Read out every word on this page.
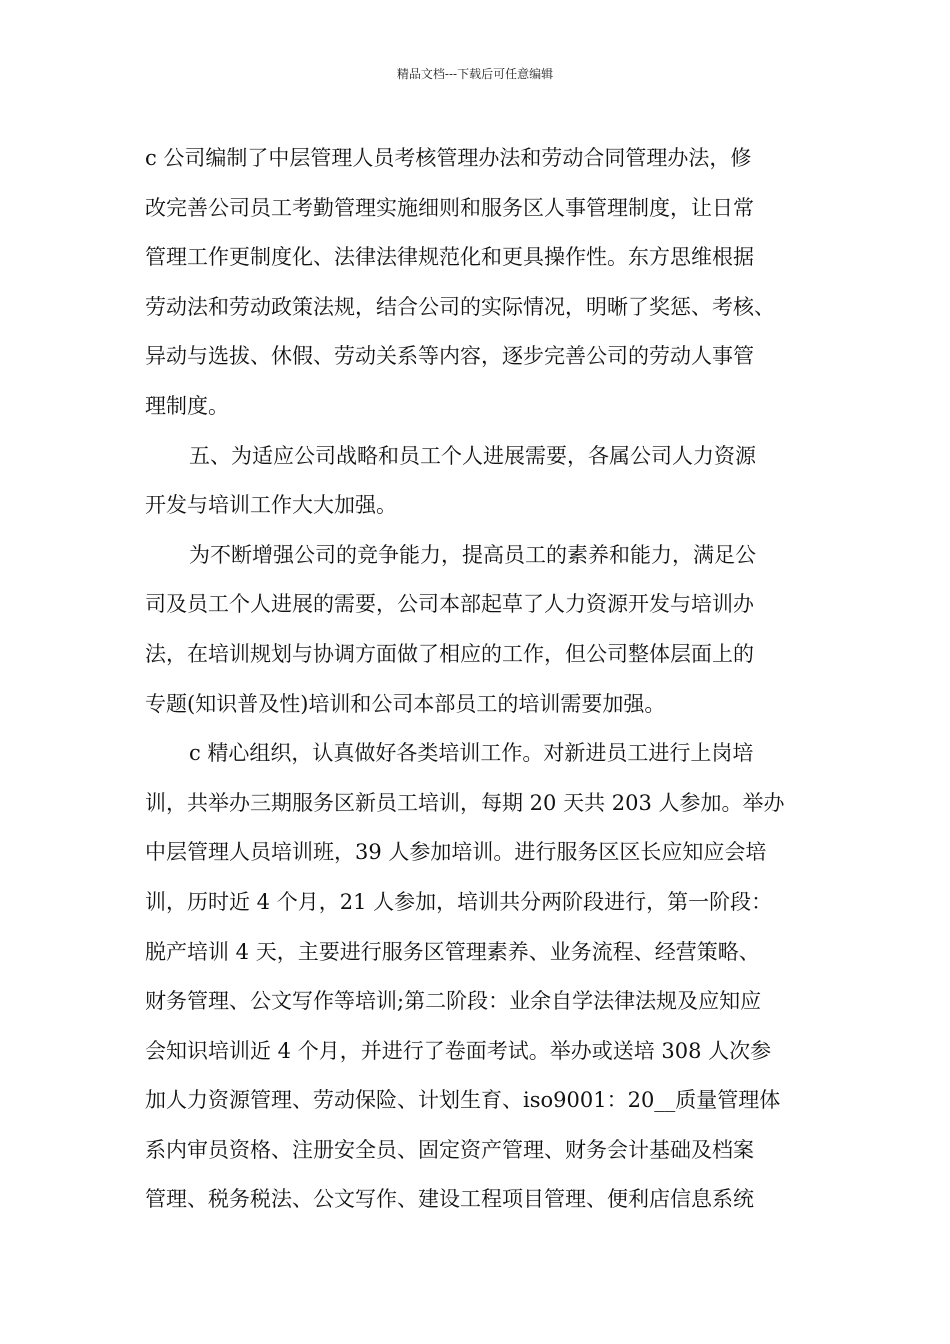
精品文档---下载后可任意编辑

c 公司编制了中层管理人员考核管理办法和劳动合同管理办法，修
改完善公司员工考勤管理实施细则和服务区人事管理制度，让日常
管理工作更制度化、法律法律规范化和更具操作性。东方思维根据
劳动法和劳动政策法规，结合公司的实际情况，明晰了奖惩、考核、
异动与选拔、休假、劳动关系等内容，逐步完善公司的劳动人事管
理制度。

五、为适应公司战略和员工个人进展需要，各属公司人力资源
开发与培训工作大大加强。

为不断增强公司的竞争能力，提高员工的素养和能力，满足公
司及员工个人进展的需要，公司本部起草了人力资源开发与培训办
法，在培训规划与协调方面做了相应的工作，但公司整体层面上的
专题(知识普及性)培训和公司本部员工的培训需要加强。

c 精心组织，认真做好各类培训工作。对新进员工进行上岗培
训，共举办三期服务区新员工培训，每期 20 天共 203 人参加。举办
中层管理人员培训班，39 人参加培训。进行服务区区长应知应会培
训，历时近 4 个月，21 人参加，培训共分两阶段进行，第一阶段：
脱产培训 4 天，主要进行服务区管理素养、业务流程、经营策略、
财务管理、公文写作等培训;第二阶段：业余自学法律法规及应知应
会知识培训近 4 个月，并进行了卷面考试。举办或送培 308 人次参
加人力资源管理、劳动保险、计划生育、iso9001：20__质量管理体
系内审员资格、注册安全员、固定资产管理、财务会计基础及档案
管理、税务税法、公文写作、建设工程项目管理、便利店信息系统
